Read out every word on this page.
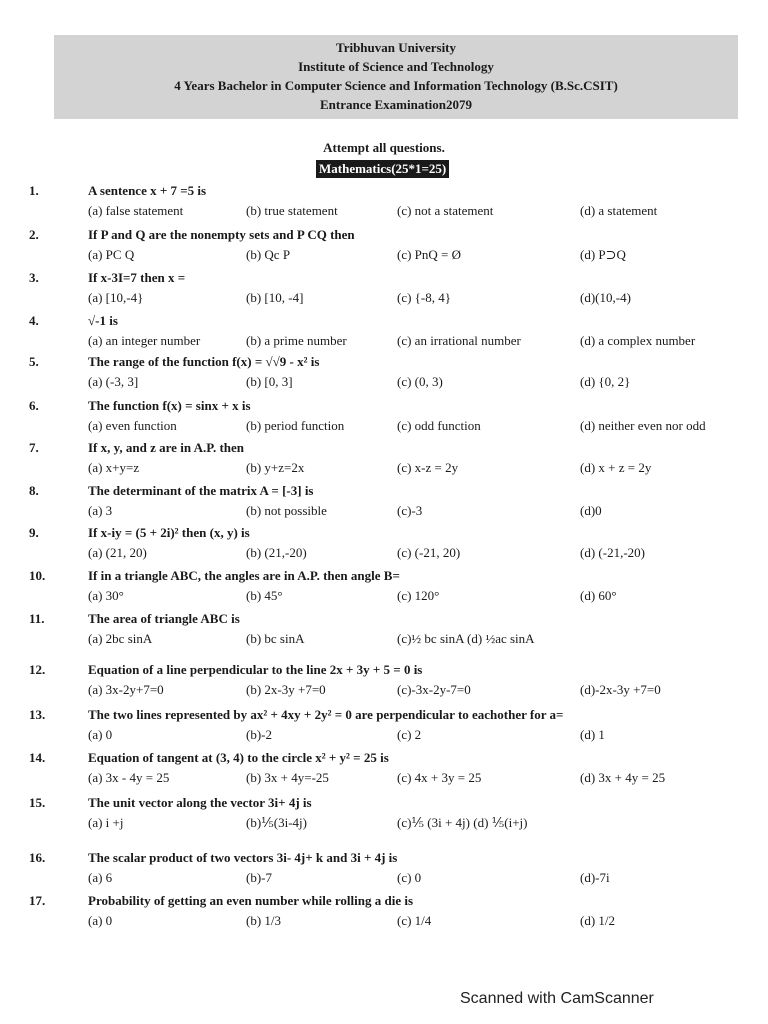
Tribhuvan University
Institute of Science and Technology
4 Years Bachelor in Computer Science and Information Technology (B.Sc.CSIT)
Entrance Examination2079
Attempt all questions.
Mathematics(25*1=25)
1.	A sentence x + 7 =5 is
(a) false statement	(b) true statement	(c) not a statement	(d) a statement
2.	If P and Q are the nonempty sets and P CQ then
(a) PC Q	(b) Qc P	(c) PnQ = Ø	(d) P⊃Q
3.	If x-3I=7 then x =
(a) [10,-4}	(b) [10, -4]	(c) {-8, 4}	(d)(10,-4)
4.	√-1 is
(a) an integer number	(b) a prime number	(c) an irrational number	(d) a complex number
5.	The range of the function f(x) = √√9 - x² is
(a) (-3, 3]	(b) [0, 3]	(c) (0, 3)	(d) {0, 2}
6.	The function f(x) = sinx + x is
(a) even function	(b) period function	(c) odd function	(d) neither even nor odd
7.	If x, y, and z are in A.P. then
(a) x+y=z	(b) y+z=2x	(c) x-z = 2y	(d) x + z = 2y
8.	The determinant of the matrix A = [-3] is
(a) 3	(b) not possible	(c)-3	(d)0
9.	If x-iy = (5 + 2i)² then (x, y) is
(a) (21, 20)	(b) (21,-20)	(c) (-21, 20)	(d) (-21,-20)
10.	If in a triangle ABC, the angles are in A.P. then angle B=
(a) 30°	(b) 45°	(c) 120°	(d) 60°
11.	The area of triangle ABC is
(a) 2bc sinA	(b) bc sinA	(c)½ bc sinA (d) ½ac sinA
12.	Equation of a line perpendicular to the line 2x + 3y + 5 = 0 is
(a) 3x-2y+7=0	(b) 2x-3y +7=0	(c)-3x-2y-7=0	(d)-2x-3y +7=0
13.	The two lines represented by ax² + 4xy + 2y² = 0 are perpendicular to eachother for a=
(a) 0	(b)-2	(c) 2	(d) 1
14.	Equation of tangent at (3, 4) to the circle x² + y² = 25 is
(a) 3x - 4y = 25	(b) 3x + 4y=-25	(c) 4x + 3y = 25	(d) 3x + 4y = 25
15.	The unit vector along the vector 3i+ 4j is
(a) i +j	(b)⅕(3i-4j)	(c)⅕ (3i + 4j) (d) ⅕(i+j)
16.	The scalar product of two vectors 3i- 4j+ k and 3i + 4j is
(a) 6	(b)-7	(c) 0	(d)-7i
17.	Probability of getting an even number while rolling a die is
(a) 0	(b) 1/3	(c) 1/4	(d) 1/2
Scanned with CamScanner
